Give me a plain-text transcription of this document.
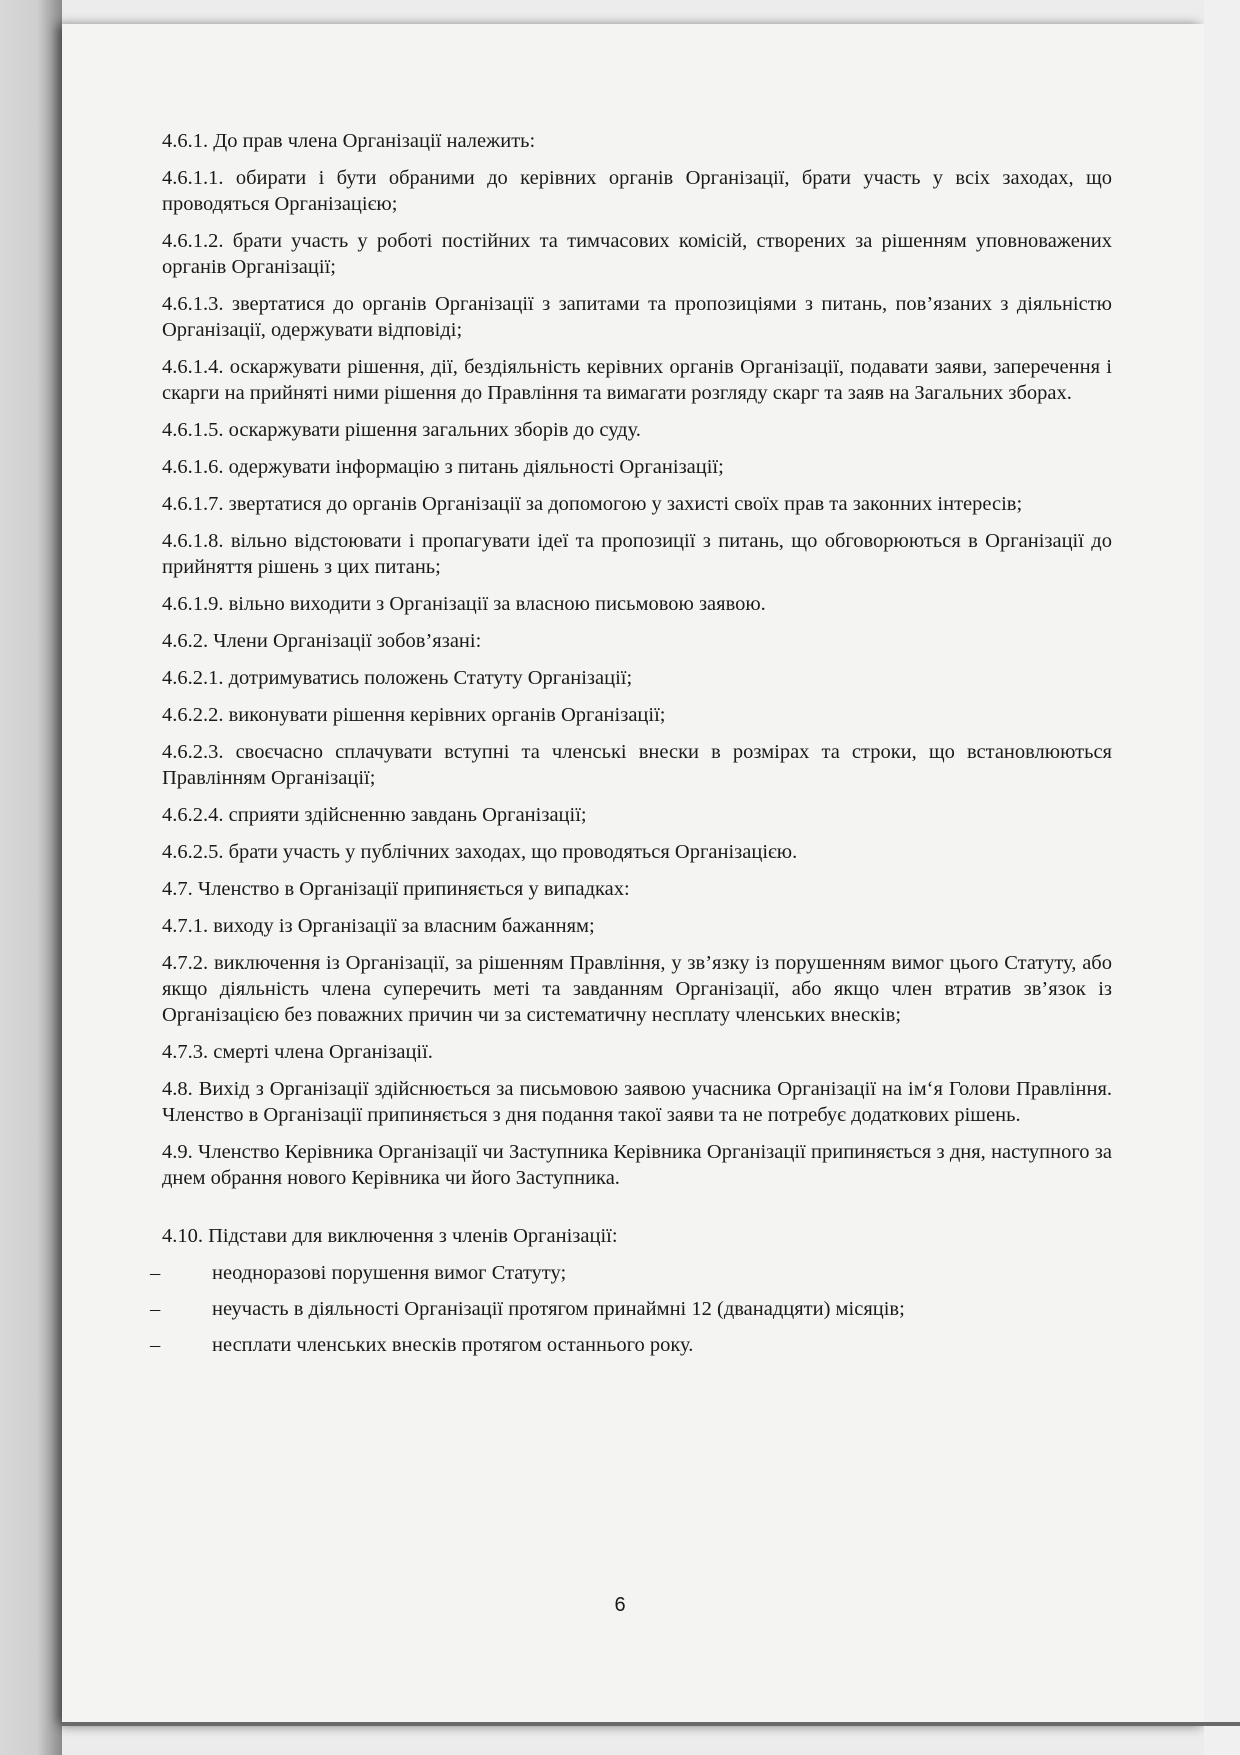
4.6.1. До прав члена Організації належить:

4.6.1.1. обирати і бути обраними до керівних органів Організації, брати участь у всіх заходах, що проводяться Організацією;

4.6.1.2. брати участь у роботі постійних та тимчасових комісій, створених за рішенням уповноважених органів Організації;

4.6.1.3. звертатися до органів Організації з запитами та пропозиціями з питань, пов’язаних з діяльністю Організації, одержувати відповіді;

4.6.1.4. оскаржувати рішення, дії, бездіяльність керівних органів Організації, подавати заяви, заперечення і скарги на прийняті ними рішення до Правління та вимагати розгляду скарг та заяв на Загальних зборах.

4.6.1.5. оскаржувати рішення загальних зборів до суду.

4.6.1.6. одержувати інформацію з питань діяльності Організації;

4.6.1.7. звертатися до органів Організації за допомогою у захисті своїх прав та законних інтересів;

4.6.1.8. вільно відстоювати і пропагувати ідеї та пропозиції з питань, що обговорюються в Організації до прийняття рішень з цих питань;

4.6.1.9. вільно виходити з Організації за власною письмовою заявою.

4.6.2. Члени Організації зобов’язані:

4.6.2.1. дотримуватись положень Статуту Організації;

4.6.2.2. виконувати рішення керівних органів Організації;

4.6.2.3. своєчасно сплачувати вступні та членські внески в розмірах та строки, що встановлюються Правлінням Організації;

4.6.2.4. сприяти здійсненню завдань Організації;

4.6.2.5. брати участь у публічних заходах, що проводяться Організацією.

4.7. Членство в Організації припиняється у випадках:

4.7.1. виходу із Організації за власним бажанням;

4.7.2. виключення із Організації, за рішенням Правління, у зв’язку із порушенням вимог цього Статуту, або якщо діяльність члена суперечить меті та завданням Організації, або якщо член втратив зв’язок із Організацією без поважних причин чи за систематичну несплату членських внесків;

4.7.3. смерті члена Організації.

4.8. Вихід з Організації здійснюється за письмовою заявою учасника Організації на ім‘я Голови Правління. Членство в Організації припиняється з дня подання такої заяви та не потребує додаткових рішень.

4.9. Членство Керівника Організації чи Заступника Керівника Організації припиняється з дня, наступного за днем обрання нового Керівника чи його Заступника.

4.10. Підстави для виключення з членів Організації:

–	неодноразові порушення вимог Статуту;
–	неучасть в діяльності Організації протягом принаймні 12 (дванадцяти) місяців;
–	несплати членських внесків протягом останнього року.
6
